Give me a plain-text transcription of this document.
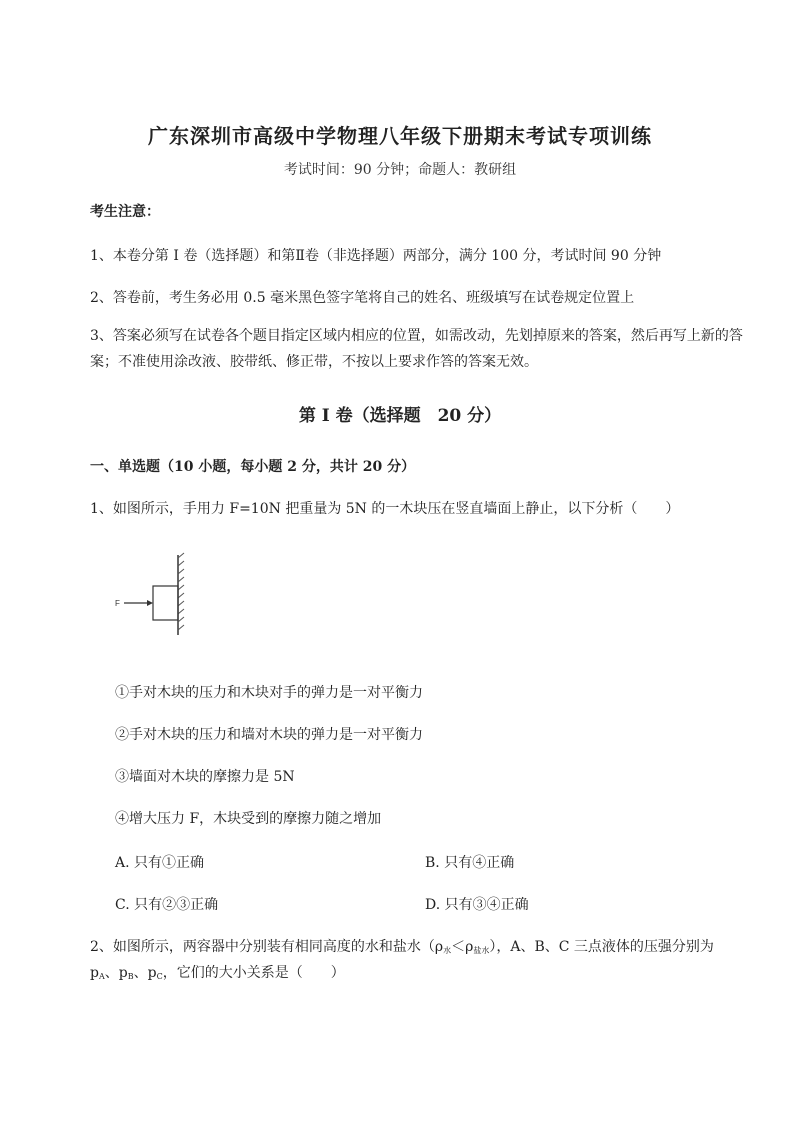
广东深圳市高级中学物理八年级下册期末考试专项训练
考试时间：90 分钟；命题人：教研组
考生注意：
1、本卷分第 I 卷（选择题）和第Ⅱ卷（非选择题）两部分，满分 100 分，考试时间 90 分钟
2、答卷前，考生务必用 0.5 毫米黑色签字笔将自己的姓名、班级填写在试卷规定位置上
3、答案必须写在试卷各个题目指定区域内相应的位置，如需改动，先划掉原来的答案，然后再写上新的答案；不准使用涂改液、胶带纸、修正带，不按以上要求作答的答案无效。
第 I 卷（选择题　20 分）
一、单选题（10 小题，每小题 2 分，共计 20 分）
1、如图所示，手用力 F=10N 把重量为 5N 的一木块压在竖直墙面上静止，以下分析（　　）
F
①手对木块的压力和木块对手的弹力是一对平衡力
②手对木块的压力和墙对木块的弹力是一对平衡力
③墙面对木块的摩擦力是 5N
④增大压力 F，木块受到的摩擦力随之增加
A. 只有①正确	B. 只有④正确
C. 只有②③正确	D. 只有③④正确
2、如图所示，两容器中分别装有相同高度的水和盐水$(\rho_水<\rho_{盐水})$，A、B、C 三点液体的压强分别为
$p_A$、$p_B$、$p_C$，它们的大小关系是（　　）
